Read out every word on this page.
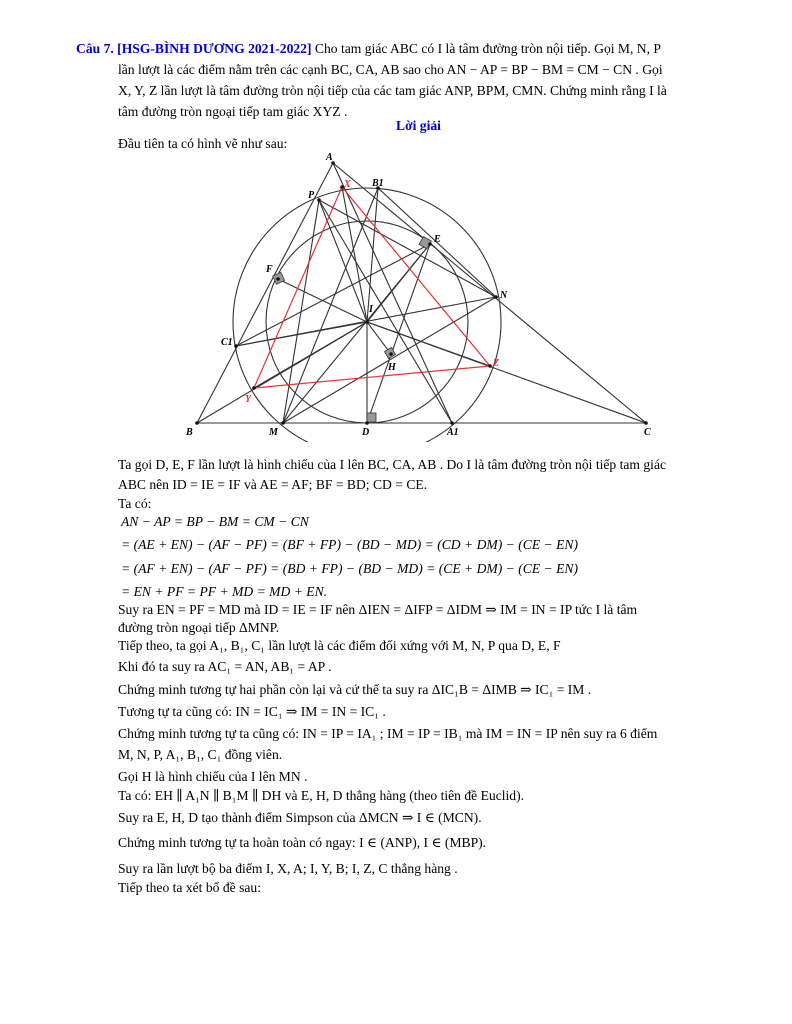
Câu 7. [HSG-BÌNH DƯƠNG 2021-2022] Cho tam giác ABC có I là tâm đường tròn nội tiếp. Gọi M, N, P
lần lượt là các điểm nằm trên các cạnh BC, CA, AB sao cho AN − AP = BP − BM = CM − CN . Gọi
X, Y, Z lần lượt là tâm đường tròn nội tiếp của các tam giác ANP, BPM, CMN. Chứng minh rằng I là
tâm đường tròn ngoại tiếp tam giác XYZ .
Lời giải
Đầu tiên ta có hình vẽ như sau:
A
B1
P
X
E
F
N
I
C1
H	Z
Y
B	M	D	A1	C
Ta gọi D, E, F lần lượt là hình chiếu của I lên BC, CA, AB . Do I là tâm đường tròn nội tiếp tam giác
ABC nên ID = IE = IF và AE = AF; BF = BD; CD = CE.
Ta có:
AN − AP = BP − BM = CM − CN
= (AE + EN) − (AF − PF) = (BF + FP) − (BD − MD) = (CD + DM) − (CE − EN)
= (AF + EN) − (AF − PF) = (BD + FP) − (BD − MD) = (CE + DM) − (CE − EN)
= EN + PF = PF + MD = MD + EN.
Suy ra EN = PF = MD mà ID = IE = IF nên ΔIEN = ΔIFP = ΔIDM ⇒ IM = IN = IP tức I là tâm
đường tròn ngoại tiếp ΔMNP.
Tiếp theo, ta gọi A₁, B₁, C₁ lần lượt là các điểm đối xứng với M, N, P qua D, E, F
Khi đó ta suy ra AC₁ = AN, AB₁ = AP .
Chứng minh tương tự hai phần còn lại và cứ thế ta suy ra ΔIC₁B = ΔIMB ⇒ IC₁ = IM .
Tương tự ta cũng có: IN = IC₁ ⇒ IM = IN = IC₁ .
Chứng minh tương tự ta cũng có: IN = IP = IA₁ ; IM = IP = IB₁ mà IM = IN = IP nên suy ra 6 điểm
M, N, P, A₁, B₁, C₁ đồng viên.
Gọi H là hình chiếu của I lên MN .
Ta có: EH ∥ A₁N ∥ B₁M ∥ DH và E, H, D thẳng hàng (theo tiên đề Euclid).
Suy ra E, H, D tạo thành điểm Simpson của ΔMCN ⇒ I ∈ (MCN).
Chứng minh tương tự ta hoàn toàn có ngay: I ∈ (ANP), I ∈ (MBP).
Suy ra lần lượt bộ ba điểm I, X, A; I, Y, B; I, Z, C thẳng hàng .
Tiếp theo ta xét bổ đề sau:
